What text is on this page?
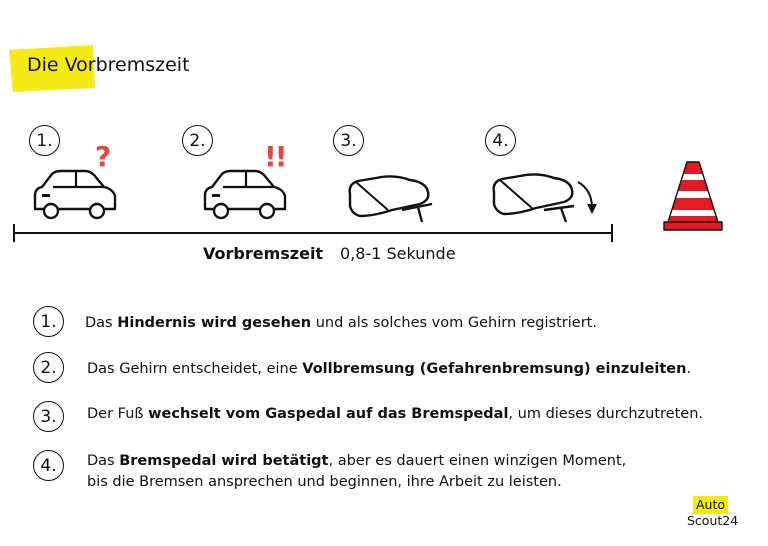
Die Vorbremszeit
1.	2.	3.	4.
?	!!
Vorbremszeit 0,8-1 Sekunde
1.	Das Hindernis wird gesehen und als solches vom Gehirn registriert.
2.	Das Gehirn entscheidet, eine Vollbremsung (Gefahrenbremsung) einzuleiten.
3.	Der Fuß wechselt vom Gaspedal auf das Bremspedal, um dieses durchzutreten.
4.	Das Bremspedal wird betätigt, aber es dauert einen winzigen Moment,
bis die Bremsen ansprechen und beginnen, ihre Arbeit zu leisten.
Auto
Scout24
